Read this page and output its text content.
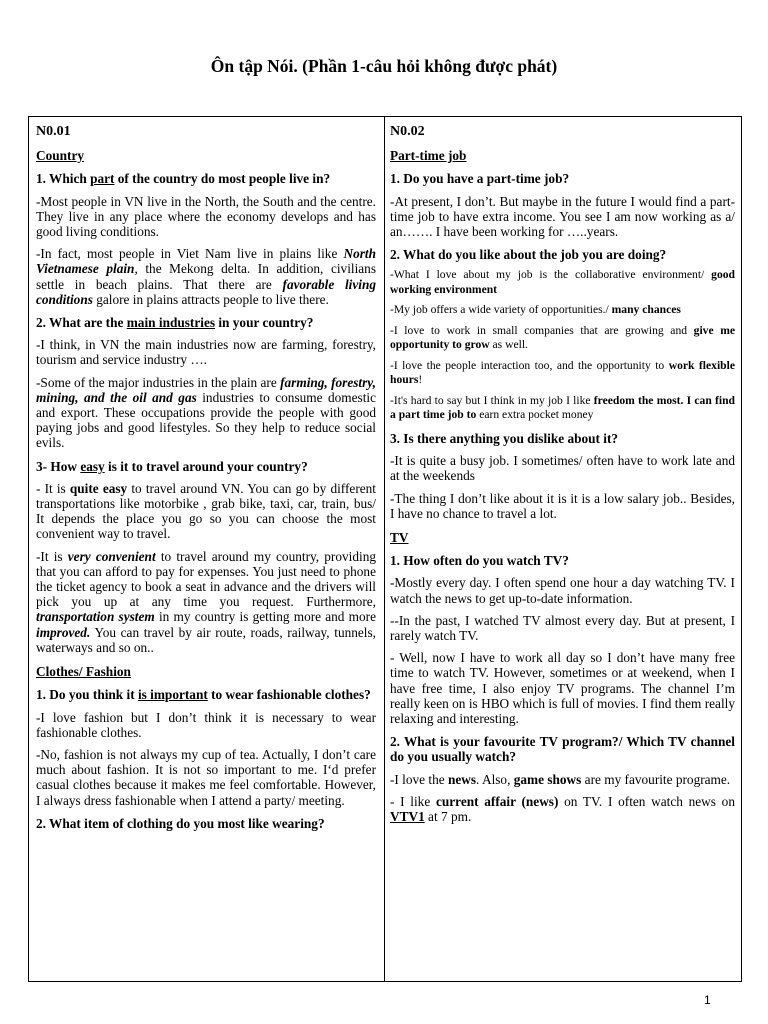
Ôn tập Nói. (Phần 1-câu hỏi không được phát)
N0.01
Country
1. Which part of the country do most people live in?
-Most people in VN live in the North, the South and the centre. They live in any place where the economy develops and has good living conditions.
-In fact, most people in Viet Nam live in plains like North Vietnamese plain, the Mekong delta. In addition, civilians settle in beach plains. That there are favorable living conditions galore in plains attracts people to live there.
2. What are the main industries in your country?
-I think, in VN the main industries now are farming, forestry, tourism and service industry ….
-Some of the major industries in the plain are farming, forestry, mining, and the oil and gas industries to consume domestic and export. These occupations provide the people with good paying jobs and good lifestyles. So they help to reduce social evils.
3- How easy is it to travel around your country?
- It is quite easy to travel around VN. You can go by different transportations like motorbike , grab bike, taxi, car, train, bus/ It depends the place you go so you can choose the most convenient way to travel.
-It is very convenient to travel around my country, providing that you can afford to pay for expenses. You just need to phone the ticket agency to book a seat in advance and the drivers will pick you up at any time you request. Furthermore, transportation system in my country is getting more and more improved. You can travel by air route, roads, railway, tunnels, waterways and so on..
Clothes/ Fashion
1. Do you think it is important to wear fashionable clothes?
-I love fashion but I don’t think it is necessary to wear fashionable clothes.
-No, fashion is not always my cup of tea. Actually, I don’t care much about fashion. It is not so important to me. I‘d prefer casual clothes because it makes me feel comfortable. However, I always dress fashionable when I attend a party/ meeting.
2. What item of clothing do you most like wearing?
N0.02
Part-time job
1. Do you have a part-time job?
-At present, I don’t. But maybe in the future I would find a part-time job to have extra income. You see I am now working as a/ an……. I have been working for …..years.
2. What do you like about the job you are doing?
-What I love about my job is the collaborative environment/ good working environment
-My job offers a wide variety of opportunities./ many chances
-I love to work in small companies that are growing and give me opportunity to grow as well.
-I love the people interaction too, and the opportunity to work flexible hours!
-It's hard to say but I think in my job I like freedom the most. I can find a part time job to earn extra pocket money
3. Is there anything you dislike about it?
-It is quite a busy job. I sometimes/ often have to work late and at the weekends
-The thing I don’t like about it is it is a low salary job.. Besides, I have no chance to travel a lot.
TV
1. How often do you watch TV?
-Mostly every day. I often spend one hour a day watching TV. I watch the news to get up-to-date information.
--In the past, I watched TV almost every day. But at present, I rarely watch TV.
- Well, now I have to work all day so I don’t have many free time to watch TV. However, sometimes or at weekend, when I have free time, I also enjoy TV programs. The channel I’m really keen on is HBO which is full of movies. I find them really relaxing and interesting.
2. What is your favourite TV program?/ Which TV channel do you usually watch?
-I love the news. Also, game shows are my favourite programe.
- I like current affair (news) on TV. I often watch news on VTV1 at 7 pm.
1
